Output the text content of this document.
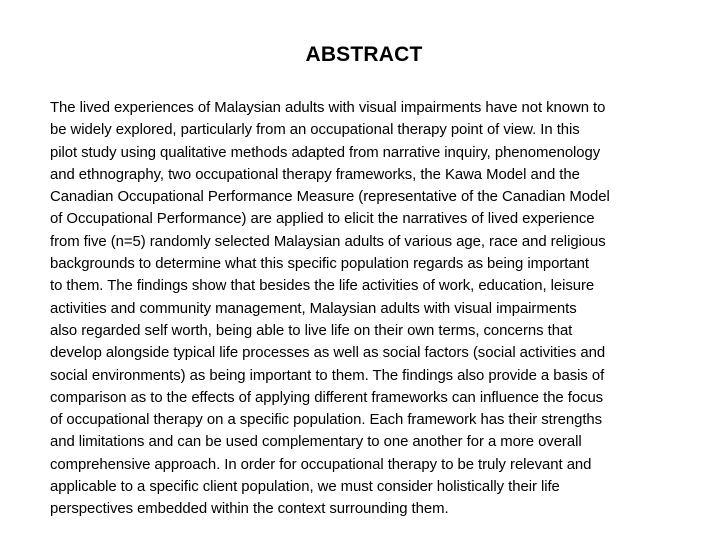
ABSTRACT
The lived experiences of Malaysian adults with visual impairments have not known to
be widely explored, particularly from an occupational therapy point of view. In this
pilot study using qualitative methods adapted from narrative inquiry, phenomenology
and ethnography, two occupational therapy frameworks, the Kawa Model and the
Canadian Occupational Performance Measure (representative of the Canadian Model
of Occupational Performance) are applied to elicit the narratives of lived experience
from five (n=5) randomly selected Malaysian adults of various age, race and religious
backgrounds to determine what this specific population regards as being important
to them. The findings show that besides the life activities of work, education, leisure
activities and community management, Malaysian adults with visual impairments
also regarded self worth, being able to live life on their own terms, concerns that
develop alongside typical life processes as well as social factors (social activities and
social environments) as being important to them. The findings also provide a basis of
comparison as to the effects of applying different frameworks can influence the focus
of occupational therapy on a specific population. Each framework has their strengths
and limitations and can be used complementary to one another for a more overall
comprehensive approach. In order for occupational therapy to be truly relevant and
applicable to a specific client population, we must consider holistically their life
perspectives embedded within the context surrounding them.
